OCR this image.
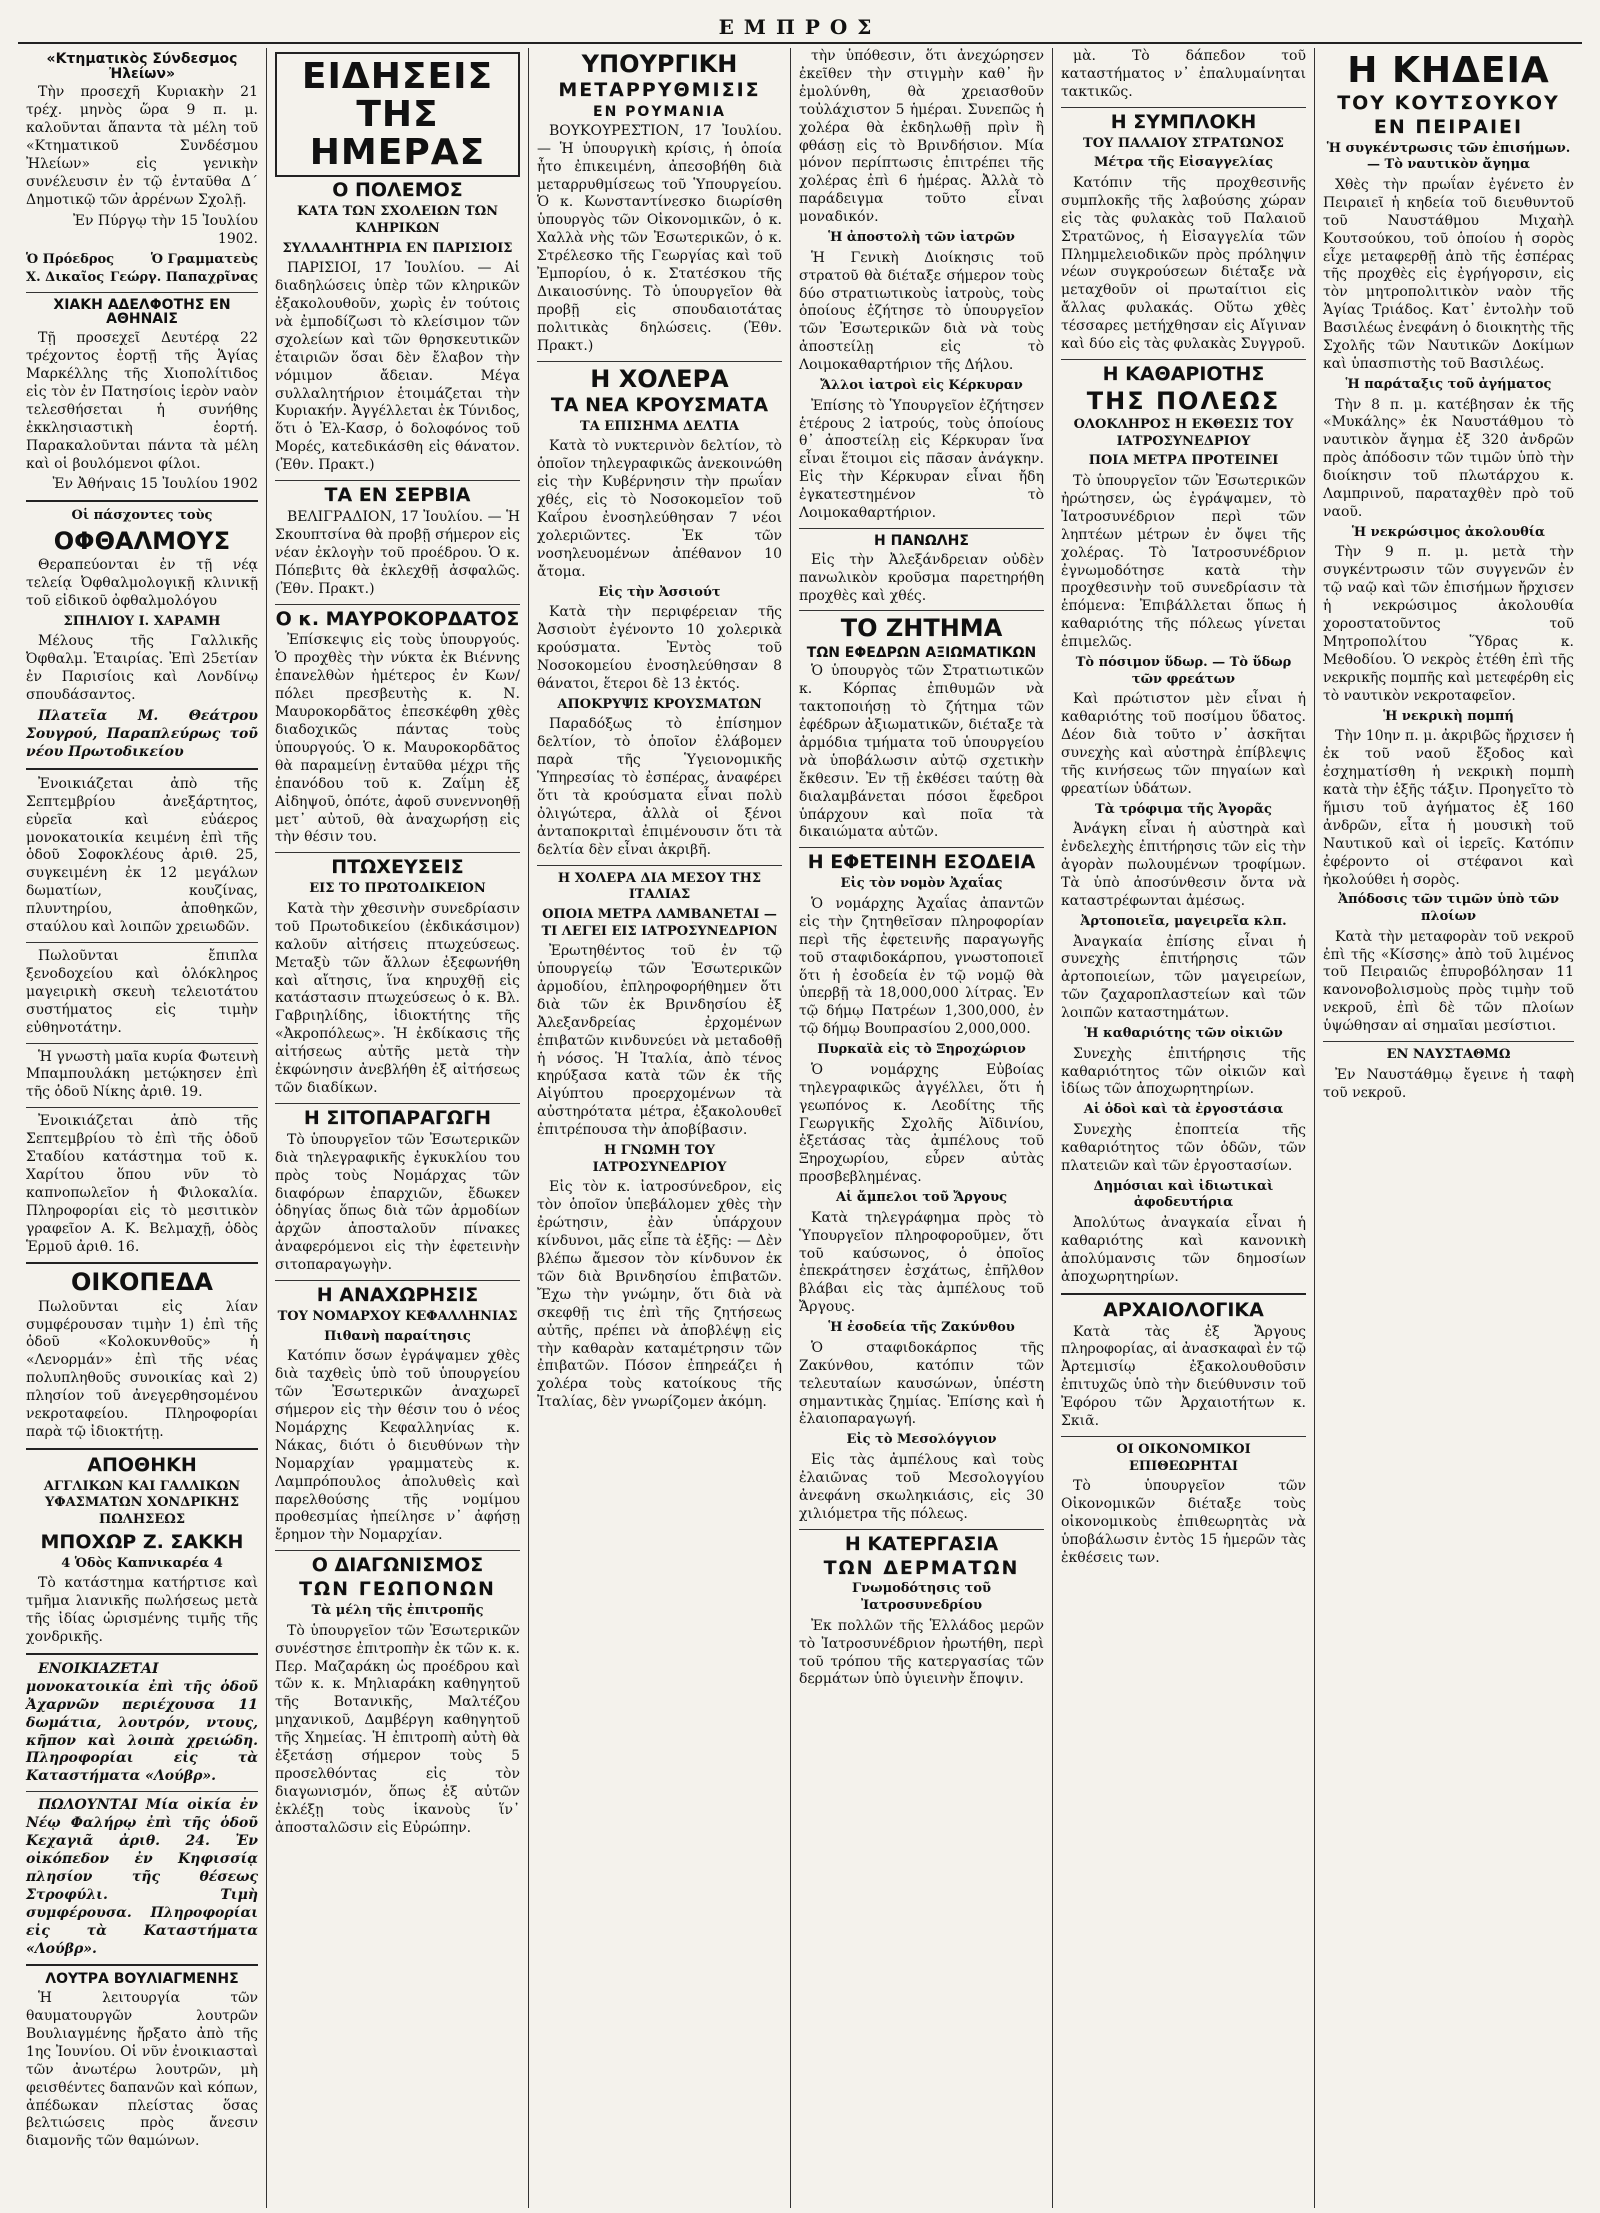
ΕΜΠΡΟΣ
«Κτηματικὸς Σύνδεσμος Ἠλείων»

Τὴν προσεχῆ Κυριακὴν 21 τρέχ. μηνὸς ὥρα 9 π. μ. καλοῦνται ἅπαντα τὰ μέλη τοῦ «Κτηματικοῦ Συνδέσμου Ἠλείων» εἰς γενικὴν συνέλευσιν ἐν τῷ ἐνταῦθα Δ΄ Δημοτικῷ τῶν ἀρρένων Σχολῇ.

Ἐν Πύργῳ τὴν 15 Ἰουλίου 1902.

Ὁ Πρόεδρος	Ὁ Γραμματεὺς
Χ. Δικαῖος Γεώργ. Παπαχρῖνας
ΧΙΑΚΗ ΑΔΕΛΦΟΤΗΣ ΕΝ ΑΘΗΝΑΙΣ

Τῇ προσεχεῖ Δευτέρᾳ 22 τρέχοντος ἑορτῇ τῆς Ἁγίας Μαρκέλλης τῆς Χιοπολίτιδος εἰς τὸν ἐν Πατησίοις ἱερὸν ναὸν τελεσθήσεται ἡ συνήθης ἐκκλησιαστικὴ ἑορτή. Παρακαλοῦνται πάντα τὰ μέλη καὶ οἱ βουλόμενοι φίλοι.

Ἐν Ἀθήναις 15 Ἰουλίου 1902

Οἱ πάσχοντες τοὺς
ΟΦΘΑΛΜΟΥΣ

Θεραπεύονται ἐν τῇ νέᾳ τελείᾳ Ὀφθαλμολογικῇ κλινικῇ τοῦ εἰδικοῦ ὀφθαλμολόγου

ΣΠΗΛΙΟΥ Ι. ΧΑΡΑΜΗ

Μέλους τῆς Γαλλικῆς Ὀφθαλμ. Ἑταιρίας. Ἐπὶ 25ετίαν ἐν Παρισίοις καὶ Λονδίνῳ σπουδάσαντος.

Πλατεῖα Μ. Θεάτρου Σουγρού, Παραπλεύρως τοῦ νέου Πρωτοδικείου

Ἐνοικιάζεται ἀπὸ τῆς Σεπτεμβρίου ἀνεξάρτητος, εὐρεῖα καὶ εὐάερος μονοκατοικία κειμένη ἐπὶ τῆς ὁδοῦ Σοφοκλέους ἀριθ. 25, συγκειμένη ἐκ 12 μεγάλων δωματίων, κουζίνας, πλυντηρίου, ἀποθηκῶν, σταύλου καὶ λοιπῶν χρειωδῶν.

Πωλοῦνται ἔπιπλα ξενοδοχείου καὶ ὁλόκληρος μαγειρικὴ σκευὴ τελειοτάτου συστήματος εἰς τιμὴν εὐθηνοτάτην.

Ἡ γνωστὴ μαῖα κυρία Φωτεινὴ Μπαμπουλάκη μετῴκησεν ἐπὶ τῆς ὁδοῦ Νίκης ἀριθ. 19.

Ἐνοικιάζεται ἀπὸ τῆς Σεπτεμβρίου τὸ ἐπὶ τῆς ὁδοῦ Σταδίου κατάστημα τοῦ κ. Χαρίτου ὅπου νῦν τὸ καπνοπωλεῖον ἡ Φιλοκαλία. Πληροφορίαι εἰς τὸ μεσιτικὸν γραφεῖον Α. Κ. Βελμαχῇ, ὁδὸς Ἑρμοῦ ἀριθ. 16.

ΟΙΚΟΠΕΔΑ

Πωλοῦνται εἰς λίαν συμφέρουσαν τιμὴν 1) ἐπὶ τῆς ὁδοῦ «Κολοκυνθοῦς» ἡ «Λενορμάν» ἐπὶ τῆς νέας πολυπληθοῦς συνοικίας καὶ 2) πλησίον τοῦ ἀνεγερθησομένου νεκροταφείου. Πληροφορίαι παρὰ τῷ ἰδιοκτήτῃ.

ΑΠΟΘΗΚΗ
ΑΓΓΛΙΚΩΝ ΚΑΙ ΓΑΛΛΙΚΩΝ ΥΦΑΣΜΑΤΩΝ ΧΟΝΔΡΙΚΗΣ ΠΩΛΗΣΕΩΣ
ΜΠΟΧΩΡ Ζ. ΣΑΚΚΗ
4 Ὁδὸς Καπνικαρέα 4

Τὸ κατάστημα κατήρτισε καὶ τμῆμα λιανικῆς πωλήσεως μετὰ τῆς ἰδίας ὡρισμένης τιμῆς τῆς χονδρικῆς.

ΕΝΟΙΚΙΑΖΕΤΑΙ μονοκατοικία ἐπὶ τῆς ὁδοῦ Ἀχαρνῶν περιέχουσα 11 δωμάτια, λουτρόν, ντους, κῆπον καὶ λοιπὰ χρειώδη. Πληροφορίαι εἰς τὰ Καταστήματα «Λούβρ».

ΠΩΛΟΥΝΤΑΙ Μία οἰκία ἐν Νέῳ Φαλήρῳ ἐπὶ τῆς ὁδοῦ Κεχαγιᾶ ἀριθ. 24. Ἐν οἰκόπεδον ἐν Κηφισσίᾳ πλησίον τῆς θέσεως Στροφύλι. Τιμὴ συμφέρουσα. Πληροφορίαι εἰς τὰ Καταστήματα «Λούβρ».

ΛΟΥΤΡΑ ΒΟΥΛΙΑΓΜΕΝΗΣ

Ἡ λειτουργία τῶν θαυματουργῶν λουτρῶν Βουλιαγμένης ἤρξατο ἀπὸ τῆς 1ης Ἰουνίου. Οἱ νῦν ἐνοικιασταὶ τῶν ἀνωτέρω λουτρῶν, μὴ φεισθέντες δαπανῶν καὶ κόπων, ἀπέδωκαν πλείστας ὅσας βελτιώσεις πρὸς ἄνεσιν διαμονῆς τῶν θαμώνων.

ΕΙΔΗΣΕΙΣ ΤΗΣ ΗΜΕΡΑΣ
Ο ΠΟΛΕΜΟΣ
ΚΑΤΑ ΤΩΝ ΣΧΟΛΕΙΩΝ ΤΩΝ ΚΛΗΡΙΚΩΝ
ΣΥΛΛΑΛΗΤΗΡΙΑ ΕΝ ΠΑΡΙΣΙΟΙΣ

ΠΑΡΙΣΙΟΙ, 17 Ἰουλίου. — Αἱ διαδηλώσεις ὑπὲρ τῶν κληρικῶν ἐξακολουθοῦν, χωρὶς ἐν τούτοις νὰ ἐμποδίζωσι τὸ κλείσιμον τῶν σχολείων καὶ τῶν θρησκευτικῶν ἑταιριῶν ὅσαι δὲν ἔλαβον τὴν νόμιμον ἄδειαν. Μέγα συλλαλητήριον ἑτοιμάζεται τὴν Κυριακήν. Ἀγγέλλεται ἐκ Τύνιδος, ὅτι ὁ Ἐλ-Κασρ, ὁ δολοφόνος τοῦ Μορές, κατεδικάσθη εἰς θάνατον. (Ἐθν. Πρακτ.)

ΤΑ ΕΝ ΣΕΡΒΙΑ

ΒΕΛΙΓΡΑΔΙΟΝ, 17 Ἰουλίου. — Ἡ Σκουπτσίνα θὰ προβῇ σήμερον εἰς νέαν ἐκλογὴν τοῦ προέδρου. Ὁ κ. Πόπεβιτς θὰ ἐκλεχθῇ ἀσφαλῶς. (Ἐθν. Πρακτ.)

Ο κ. ΜΑΥΡΟΚΟΡΔΑΤΟΣ

Ἐπίσκεψις εἰς τοὺς ὑπουργούς. Ὁ προχθὲς τὴν νύκτα ἐκ Βιέννης ἐπανελθὼν ἡμέτερος ἐν Κων/πόλει πρεσβευτὴς κ. Ν. Μαυροκορδᾶτος ἐπεσκέφθη χθὲς διαδοχικῶς πάντας τοὺς ὑπουργούς. Ὁ κ. Μαυροκορδᾶτος θὰ παραμείνῃ ἐνταῦθα μέχρι τῆς ἐπανόδου τοῦ κ. Ζαΐμη ἐξ Αἰδηψοῦ, ὁπότε, ἀφοῦ συνεννοηθῇ μετ᾽ αὐτοῦ, θὰ ἀναχωρήσῃ εἰς τὴν θέσιν του.

ΠΤΩΧΕΥΣΕΙΣ
ΕΙΣ ΤΟ ΠΡΩΤΟΔΙΚΕΙΟΝ

Κατὰ τὴν χθεσινὴν συνεδρίασιν τοῦ Πρωτοδικείου (ἐκδικάσιμον) καλοῦν αἰτήσεις πτωχεύσεως. Μεταξὺ τῶν ἄλλων ἐξεφωνήθη καὶ αἴτησις, ἵνα κηρυχθῇ εἰς κατάστασιν πτωχεύσεως ὁ κ. Βλ. Γαβριηλίδης, ἰδιοκτήτης τῆς «Ἀκροπόλεως». Ἡ ἐκδίκασις τῆς αἰτήσεως αὐτῆς μετὰ τὴν ἐκφώνησιν ἀνεβλήθη ἐξ αἰτήσεως τῶν διαδίκων.

Η ΣΙΤΟΠΑΡΑΓΩΓΗ

Τὸ ὑπουργεῖον τῶν Ἐσωτερικῶν διὰ τηλεγραφικῆς ἐγκυκλίου του πρὸς τοὺς Νομάρχας τῶν διαφόρων ἐπαρχιῶν, ἔδωκεν ὁδηγίας ὅπως διὰ τῶν ἁρμοδίων ἀρχῶν ἀποσταλοῦν πίνακες ἀναφερόμενοι εἰς τὴν ἐφετεινὴν σιτοπαραγωγὴν.

Η ΑΝΑΧΩΡΗΣΙΣ
ΤΟΥ ΝΟΜΑΡΧΟΥ ΚΕΦΑΛΛΗΝΙΑΣ
Πιθανὴ παραίτησις

Κατόπιν ὅσων ἐγράψαμεν χθὲς διὰ ταχθεὶς ὑπὸ τοῦ ὑπουργείου τῶν Ἐσωτερικῶν ἀναχωρεῖ σήμερον εἰς τὴν θέσιν του ὁ νέος Νομάρχης Κεφαλληνίας κ. Νάκας, διότι ὁ διευθύνων τὴν Νομαρχίαν γραμματεὺς κ. Λαμπρόπουλος ἀπολυθεὶς καὶ παρελθούσης τῆς νομίμου προθεσμίας ἠπείλησε ν᾽ ἀφήσῃ ἔρημον τὴν Νομαρχίαν.

Ο ΔΙΑΓΩΝΙΣΜΟΣ
ΤΩΝ ΓΕΩΠΟΝΩΝ
Τὰ μέλη τῆς ἐπιτροπῆς

Τὸ ὑπουργεῖον τῶν Ἐσωτερικῶν συνέστησε ἐπιτροπὴν ἐκ τῶν κ. κ. Περ. Μαζαράκη ὡς προέδρου καὶ τῶν κ. κ. Μηλιαράκη καθηγητοῦ τῆς Βοτανικῆς, Μαλτέζου μηχανικοῦ, Δαμβέργη καθηγητοῦ τῆς Χημείας. Ἡ ἐπιτροπὴ αὐτὴ θὰ ἐξετάσῃ σήμερον τοὺς 5 προσελθόντας εἰς τὸν διαγωνισμόν, ὅπως ἐξ αὐτῶν ἐκλέξῃ τοὺς ἱκανοὺς ἵν᾽ ἀποσταλῶσιν εἰς Εὐρώπην.

ΥΠΟΥΡΓΙΚΗ
ΜΕΤΑΡΡΥΘΜΙΣΙΣ
ΕΝ ΡΟΥΜΑΝΙΑ

ΒΟΥΚΟΥΡΕΣΤΙΟΝ, 17 Ἰουλίου. — Ἡ ὑπουργικὴ κρίσις, ἡ ὁποία ἦτο ἐπικειμένη, ἀπεσοβήθη διὰ μεταρρυθμίσεως τοῦ Ὑπουργείου. Ὁ κ. Κωνσταντίνεσκο διωρίσθη ὑπουργὸς τῶν Οἰκονομικῶν, ὁ κ. Χαλλὰ νὴς τῶν Ἐσωτερικῶν, ὁ κ. Στρέλεσκο τῆς Γεωργίας καὶ τοῦ Ἐμπορίου, ὁ κ. Στατέσκου τῆς Δικαιοσύνης. Τὸ ὑπουργεῖον θὰ προβῇ εἰς σπουδαιοτάτας πολιτικὰς δηλώσεις. (Ἐθν. Πρακτ.)

Η ΧΟΛΕΡΑ
ΤΑ ΝΕΑ ΚΡΟΥΣΜΑΤΑ
ΤΑ ΕΠΙΣΗΜΑ ΔΕΛΤΙΑ

Κατὰ τὸ νυκτερινὸν δελτίον, τὸ ὁποῖον τηλεγραφικῶς ἀνεκοινώθη εἰς τὴν Κυβέρνησιν τὴν πρωΐαν χθές, εἰς τὸ Νοσοκομεῖον τοῦ Καΐρου ἐνοσηλεύθησαν 7 νέοι χολεριῶντες. Ἐκ τῶν νοσηλευομένων ἀπέθανον 10 ἄτομα.

Εἰς τὴν Ἀσσιούτ

Κατὰ τὴν περιφέρειαν τῆς Ἀσσιοὺτ ἐγένοντο 10 χολερικὰ κρούσματα. Ἐντὸς τοῦ Νοσοκομείου ἐνοσηλεύθησαν 8 θάνατοι, ἕτεροι δὲ 13 ἐκτός.

ΑΠΟΚΡΥΨΙΣ ΚΡΟΥΣΜΑΤΩΝ

Παραδόξως τὸ ἐπίσημον δελτίον, τὸ ὁποῖον ἐλάβομεν παρὰ τῆς Ὑγειονομικῆς Ὑπηρεσίας τὸ ἐσπέρας, ἀναφέρει ὅτι τὰ κρούσματα εἶναι πολὺ ὀλιγώτερα, ἀλλὰ οἱ ξένοι ἀνταποκριταὶ ἐπιμένουσιν ὅτι τὰ δελτία δὲν εἶναι ἀκριβῆ.

Η ΧΟΛΕΡΑ ΔΙΑ ΜΕΣΟΥ ΤΗΣ ΙΤΑΛΙΑΣ
ΟΠΟΙΑ ΜΕΤΡΑ ΛΑΜΒΑΝΕΤΑΙ — ΤΙ ΛΕΓΕΙ ΕΙΣ ΙΑΤΡΟΣΥΝΕΔΡΙΟΝ

Ἐρωτηθέντος τοῦ ἐν τῷ ὑπουργείῳ τῶν Ἐσωτερικῶν ἀρμοδίου, ἐπληροφορήθημεν ὅτι διὰ τῶν ἐκ Βρινδησίου ἐξ Ἀλεξανδρείας ἐρχομένων ἐπιβατῶν κινδυνεύει νὰ μεταδοθῇ ἡ νόσος. Ἡ Ἰταλία, ἀπὸ τένος κηρύξασα κατὰ τῶν ἐκ τῆς Αἰγύπτου προερχομένων τὰ αὐστηρότατα μέτρα, ἐξακολουθεῖ ἐπιτρέπουσα τὴν ἀποβίβασιν.

Η ΓΝΩΜΗ ΤΟΥ ΙΑΤΡΟΣΥΝΕΔΡΙΟΥ

Εἰς τὸν κ. ἰατροσύνεδρον, εἰς τὸν ὁποῖον ὑπεβάλομεν χθὲς τὴν ἐρώτησιν, ἐὰν ὑπάρχουν κίνδυνοι, μᾶς εἶπε τὰ ἑξῆς: — Δὲν βλέπω ἄμεσον τὸν κίνδυνον ἐκ τῶν διὰ Βρινδησίου ἐπιβατῶν. Ἔχω τὴν γνώμην, ὅτι διὰ νὰ σκεφθῇ τις ἐπὶ τῆς ζητήσεως αὐτῆς, πρέπει νὰ ἀποβλέψῃ εἰς τὴν καθαρὰν καταμέτρησιν τῶν ἐπιβατῶν. Πόσον ἐπηρεάζει ἡ χολέρα τοὺς κατοίκους τῆς Ἰταλίας, δὲν γνωρίζομεν ἀκόμη.

τὴν ὑπόθεσιν, ὅτι ἀνεχώρησεν ἐκεῖθεν τὴν στιγμὴν καθ᾽ ἣν ἐμολύνθη, θὰ χρειασθοῦν τοὐλάχιστον 5 ἡμέραι. Συνεπῶς ἡ χολέρα θὰ ἐκδηλωθῇ πρὶν ἢ φθάσῃ εἰς τὸ Βρινδήσιον. Μία μόνον περίπτωσις ἐπιτρέπει τῆς χολέρας ἐπὶ 6 ἡμέρας. Ἀλλὰ τὸ παράδειγμα τοῦτο εἶναι μοναδικόν.

Ἡ ἀποστολὴ τῶν ἰατρῶν

Ἡ Γενικὴ Διοίκησις τοῦ στρατοῦ θὰ διέταξε σήμερον τοὺς δύο στρατιωτικοὺς ἰατροὺς, τοὺς ὁποίους ἐζήτησε τὸ ὑπουργεῖον τῶν Ἐσωτερικῶν διὰ νὰ τοὺς ἀποστείλῃ εἰς τὸ Λοιμοκαθαρτήριον τῆς Δήλου.

Ἄλλοι ἰατροὶ εἰς Κέρκυραν

Ἐπίσης τὸ Ὑπουργεῖον ἐζήτησεν ἑτέρους 2 ἰατρούς, τοὺς ὁποίους θ᾽ ἀποστείλῃ εἰς Κέρκυραν ἵνα εἶναι ἕτοιμοι εἰς πᾶσαν ἀνάγκην. Εἰς τὴν Κέρκυραν εἶναι ἤδη ἐγκατεστημένον τὸ Λοιμοκαθαρτήριον.

Η ΠΑΝΩΛΗΣ

Εἰς τὴν Ἀλεξάνδρειαν οὐδὲν πανωλικὸν κροῦσμα παρετηρήθη προχθὲς καὶ χθές.

ΤΟ ΖΗΤΗΜΑ
ΤΩΝ ΕΦΕΔΡΩΝ ΑΞΙΩΜΑΤΙΚΩΝ

Ὁ ὑπουργὸς τῶν Στρατιωτικῶν κ. Κόρπας ἐπιθυμῶν νὰ τακτοποιήσῃ τὸ ζήτημα τῶν ἐφέδρων ἀξιωματικῶν, διέταξε τὰ ἀρμόδια τμήματα τοῦ ὑπουργείου νὰ ὑποβάλωσιν αὐτῷ σχετικὴν ἔκθεσιν. Ἐν τῇ ἐκθέσει ταύτῃ θὰ διαλαμβάνεται πόσοι ἔφεδροι ὑπάρχουν καὶ ποῖα τὰ δικαιώματα αὐτῶν.

Η ΕΦΕΤΕΙΝΗ ΕΣΟΔΕΙΑ
Εἰς τὸν νομὸν Ἀχαΐας

Ὁ νομάρχης Ἀχαΐας ἀπαντῶν εἰς τὴν ζητηθεῖσαν πληροφορίαν περὶ τῆς ἐφετεινῆς παραγωγῆς τοῦ σταφιδοκάρπου, γνωστοποιεῖ ὅτι ἡ ἐσοδεία ἐν τῷ νομῷ θὰ ὑπερβῇ τὰ 18,000,000 λίτρας. Ἐν τῷ δήμῳ Πατρέων 1,300,000, ἐν τῷ δήμῳ Βουπρασίου 2,000,000.

Πυρκαϊὰ εἰς τὸ Ξηροχώριον

Ὁ νομάρχης Εὐβοίας τηλεγραφικῶς ἀγγέλλει, ὅτι ἡ γεωπόνος κ. Λεοδίτης τῆς Γεωργικῆς Σχολῆς Ἀϊδινίου, ἐξετάσας τὰς ἀμπέλους τοῦ Ξηροχωρίου, εὗρεν αὐτὰς προσβεβλημένας.

Αἱ ἄμπελοι τοῦ Ἄργους

Κατὰ τηλεγράφημα πρὸς τὸ Ὑπουργεῖον πληροφοροῦμεν, ὅτι τοῦ καύσωνος, ὁ ὁποῖος ἐπεκράτησεν ἐσχάτως, ἐπῆλθον βλάβαι εἰς τὰς ἀμπέλους τοῦ Ἄργους.

Ἡ ἐσοδεία τῆς Ζακύνθου

Ὁ σταφιδοκάρπος τῆς Ζακύνθου, κατόπιν τῶν τελευταίων καυσώνων, ὑπέστη σημαντικὰς ζημίας. Ἐπίσης καὶ ἡ ἐλαιοπαραγωγή.

Εἰς τὸ Μεσολόγγιον

Εἰς τὰς ἀμπέλους καὶ τοὺς ἐλαιῶνας τοῦ Μεσολογγίου ἀνεφάνη σκωληκιάσις, εἰς 30 χιλιόμετρα τῆς πόλεως.

Η ΚΑΤΕΡΓΑΣΙΑ
ΤΩΝ ΔΕΡΜΑΤΩΝ
Γνωμοδότησις τοῦ Ἰατροσυνεδρίου

Ἐκ πολλῶν τῆς Ἑλλάδος μερῶν τὸ Ἰατροσυνέδριον ἠρωτήθη, περὶ τοῦ τρόπου τῆς κατεργασίας τῶν δερμάτων ὑπὸ ὑγιεινὴν ἔποψιν.

μὰ. Τὸ δάπεδον τοῦ καταστήματος ν᾽ ἐπαλυμαίνηται τακτικῶς.

Η ΣΥΜΠΛΟΚΗ
ΤΟΥ ΠΑΛΑΙΟΥ ΣΤΡΑΤΩΝΟΣ
Μέτρα τῆς Εἰσαγγελίας

Κατόπιν τῆς προχθεσινῆς συμπλοκῆς τῆς λαβούσης χώραν εἰς τὰς φυλακὰς τοῦ Παλαιοῦ Στρατῶνος, ἡ Εἰσαγγελία τῶν Πλημμελειοδικῶν πρὸς πρόληψιν νέων συγκρούσεων διέταξε νὰ μεταχθοῦν οἱ πρωταίτιοι εἰς ἄλλας φυλακάς. Οὕτω χθὲς τέσσαρες μετήχθησαν εἰς Αἴγιναν καὶ δύο εἰς τὰς φυλακὰς Συγγροῦ.

Η ΚΑΘΑΡΙΟΤΗΣ
ΤΗΣ ΠΟΛΕΩΣ
ΟΛΟΚΛΗΡΟΣ Η ΕΚΘΕΣΙΣ ΤΟΥ ΙΑΤΡΟΣΥΝΕΔΡΙΟΥ
ΠΟΙΑ ΜΕΤΡΑ ΠΡΟΤΕΙΝΕΙ

Τὸ ὑπουργεῖον τῶν Ἐσωτερικῶν ἠρώτησεν, ὡς ἐγράψαμεν, τὸ Ἰατροσυνέδριον περὶ τῶν ληπτέων μέτρων ἐν ὄψει τῆς χολέρας. Τὸ Ἰατροσυνέδριον ἐγνωμοδότησε κατὰ τὴν προχθεσινὴν τοῦ συνεδρίασιν τὰ ἑπόμενα: Ἐπιβάλλεται ὅπως ἡ καθαριότης τῆς πόλεως γίνεται ἐπιμελῶς.

Τὸ πόσιμον ὕδωρ. — Τὸ ὕδωρ τῶν φρεάτων

Καὶ πρώτιστον μὲν εἶναι ἡ καθαριότης τοῦ ποσίμου ὕδατος. Δέον διὰ τοῦτο ν᾽ ἀσκῆται συνεχὴς καὶ αὐστηρὰ ἐπίβλεψις τῆς κινήσεως τῶν πηγαίων καὶ φρεατίων ὑδάτων.

Τὰ τρόφιμα τῆς Ἀγορᾶς

Ἀνάγκη εἶναι ἡ αὐστηρὰ καὶ ἐνδελεχὴς ἐπιτήρησις τῶν εἰς τὴν ἀγορὰν πωλουμένων τροφίμων. Τὰ ὑπὸ ἀποσύνθεσιν ὄντα νὰ καταστρέφωνται ἀμέσως.

Ἀρτοποιεῖα, μαγειρεῖα κλπ.

Ἀναγκαία ἐπίσης εἶναι ἡ συνεχὴς ἐπιτήρησις τῶν ἀρτοποιείων, τῶν μαγειρείων, τῶν ζαχαροπλαστείων καὶ τῶν λοιπῶν καταστημάτων.

Ἡ καθαριότης τῶν οἰκιῶν

Συνεχὴς ἐπιτήρησις τῆς καθαριότητος τῶν οἰκιῶν καὶ ἰδίως τῶν ἀποχωρητηρίων.

Αἱ ὁδοὶ καὶ τὰ ἐργοστάσια

Συνεχὴς ἐποπτεία τῆς καθαριότητος τῶν ὁδῶν, τῶν πλατειῶν καὶ τῶν ἐργοστασίων.

Δημόσιαι καὶ ἰδιωτικαὶ ἀφοδευτήρια

Ἀπολύτως ἀναγκαία εἶναι ἡ καθαριότης καὶ κανονικὴ ἀπολύμανσις τῶν δημοσίων ἀποχωρητηρίων.

ΑΡΧΑΙΟΛΟΓΙΚΑ

Κατὰ τὰς ἐξ Ἄργους πληροφορίας, αἱ ἀνασκαφαὶ ἐν τῷ Ἀρτεμισίῳ ἐξακολουθοῦσιν ἐπιτυχῶς ὑπὸ τὴν διεύθυνσιν τοῦ Ἐφόρου τῶν Ἀρχαιοτήτων κ. Σκιᾶ.

ΟΙ ΟΙΚΟΝΟΜΙΚΟΙ ΕΠΙΘΕΩΡΗΤΑΙ

Τὸ ὑπουργεῖον τῶν Οἰκονομικῶν διέταξε τοὺς οἰκονομικοὺς ἐπιθεωρητὰς νὰ ὑποβάλωσιν ἐντὸς 15 ἡμερῶν τὰς ἐκθέσεις των.

Η ΚΗΔΕΙΑ
ΤΟΥ ΚΟΥΤΣΟΥΚΟΥ
ΕΝ ΠΕΙΡΑΙΕΙ
Ἡ συγκέντρωσις τῶν ἐπισήμων. — Τὸ ναυτικὸν ἄγημα

Χθὲς τὴν πρωΐαν ἐγένετο ἐν Πειραιεῖ ἡ κηδεία τοῦ διευθυντοῦ τοῦ Ναυστάθμου Μιχαὴλ Κουτσούκου, τοῦ ὁποίου ἡ σορὸς εἶχε μεταφερθῇ ἀπὸ τῆς ἑσπέρας τῆς προχθὲς εἰς ἐγρήγορσιν, εἰς τὸν μητροπολιτικὸν ναὸν τῆς Ἁγίας Τριάδος. Κατ᾽ ἐντολὴν τοῦ Βασιλέως ἐνεφάνη ὁ διοικητὴς τῆς Σχολῆς τῶν Ναυτικῶν Δοκίμων καὶ ὑπασπιστὴς τοῦ Βασιλέως.

Ἡ παράταξις τοῦ ἀγήματος

Τὴν 8 π. μ. κατέβησαν ἐκ τῆς «Μυκάλης» ἐκ Ναυστάθμου τὸ ναυτικὸν ἄγημα ἐξ 320 ἀνδρῶν πρὸς ἀπόδοσιν τῶν τιμῶν ὑπὸ τὴν διοίκησιν τοῦ πλωτάρχου κ. Λαμπρινοῦ, παραταχθὲν πρὸ τοῦ ναοῦ.

Ἡ νεκρώσιμος ἀκολουθία

Τὴν 9 π. μ. μετὰ τὴν συγκέντρωσιν τῶν συγγενῶν ἐν τῷ ναῷ καὶ τῶν ἐπισήμων ἤρχισεν ἡ νεκρώσιμος ἀκολουθία χοροστατοῦντος τοῦ Μητροπολίτου Ὕδρας κ. Μεθοδίου. Ὁ νεκρὸς ἐτέθη ἐπὶ τῆς νεκρικῆς πομπῆς καὶ μετεφέρθη εἰς τὸ ναυτικὸν νεκροταφεῖον.

Ἡ νεκρικὴ πομπή

Τὴν 10ην π. μ. ἀκριβῶς ἤρχισεν ἡ ἐκ τοῦ ναοῦ ἔξοδος καὶ ἐσχηματίσθη ἡ νεκρικὴ πομπὴ κατὰ τὴν ἑξῆς τάξιν. Προηγεῖτο τὸ ἥμισυ τοῦ ἀγήματος ἐξ 160 ἀνδρῶν, εἶτα ἡ μουσικὴ τοῦ Ναυτικοῦ καὶ οἱ ἱερεῖς. Κατόπιν ἐφέροντο οἱ στέφανοι καὶ ἠκολούθει ἡ σορὸς.

Ἀπόδοσις τῶν τιμῶν ὑπὸ τῶν πλοίων

Κατὰ τὴν μεταφορὰν τοῦ νεκροῦ ἐπὶ τῆς «Κίσσης» ἀπὸ τοῦ λιμένος τοῦ Πειραιῶς ἐπυροβόλησαν 11 κανονοβολισμοὺς πρὸς τιμὴν τοῦ νεκροῦ, ἐπὶ δὲ τῶν πλοίων ὑψώθησαν αἱ σημαῖαι μεσίστιοι.

ΕΝ ΝΑΥΣΤΑΘΜΩ

Ἐν Ναυστάθμῳ ἔγεινε ἡ ταφὴ τοῦ νεκροῦ.
